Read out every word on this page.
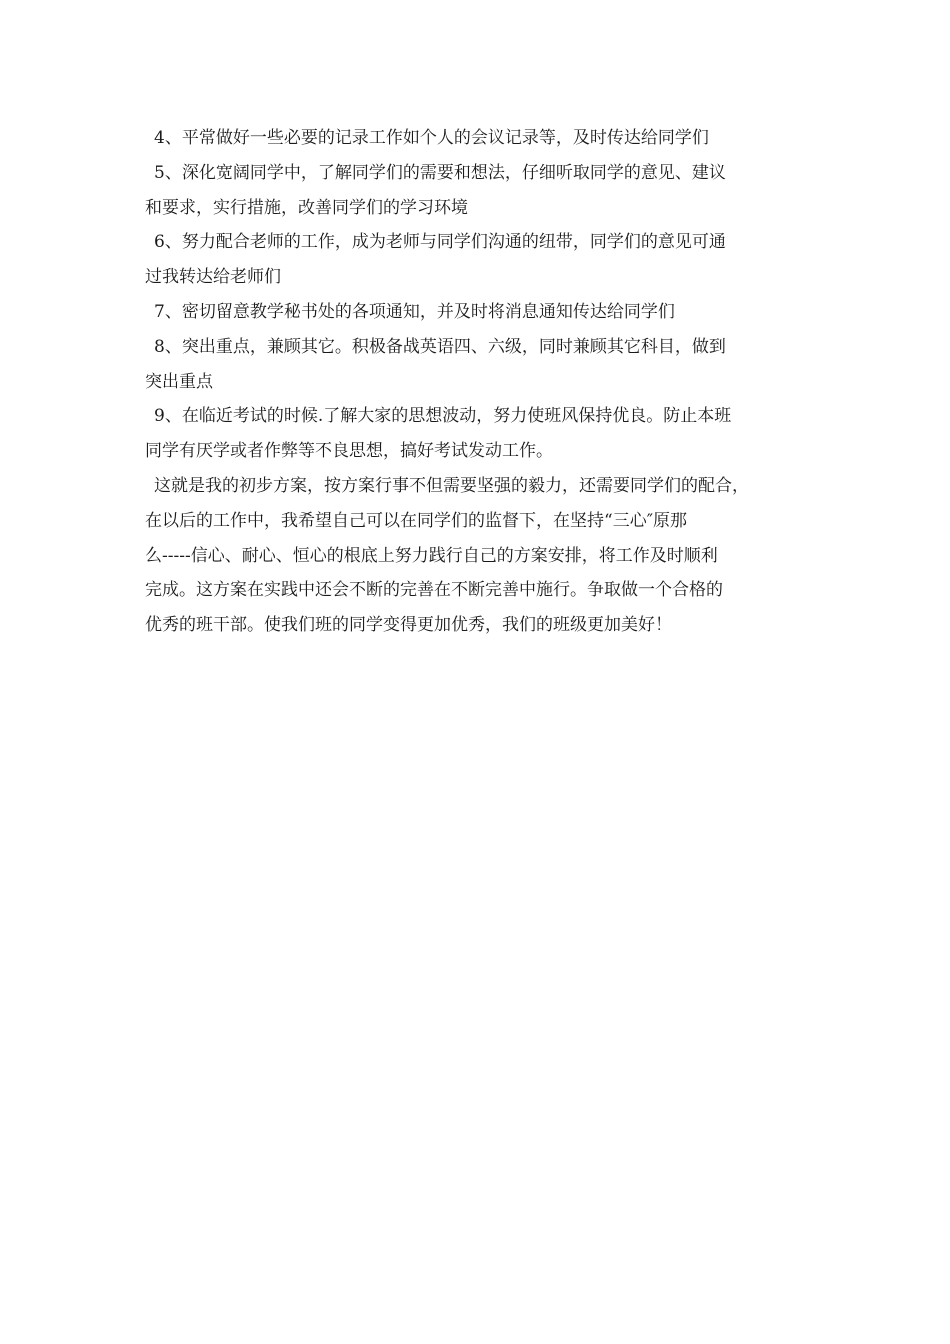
4、平常做好一些必要的记录工作如个人的会议记录等，及时传达给同学们
5、深化宽阔同学中，了解同学们的需要和想法，仔细听取同学的意见、建议
和要求，实行措施，改善同学们的学习环境
6、努力配合老师的工作，成为老师与同学们沟通的纽带，同学们的意见可通
过我转达给老师们
7、密切留意教学秘书处的各项通知，并及时将消息通知传达给同学们
8、突出重点，兼顾其它。积极备战英语四、六级，同时兼顾其它科目，做到
突出重点
9、在临近考试的时候.了解大家的思想波动，努力使班风保持优良。防止本班
同学有厌学或者作弊等不良思想，搞好考试发动工作。
这就是我的初步方案，按方案行事不但需要坚强的毅力，还需要同学们的配合，
在以后的工作中，我希望自己可以在同学们的监督下，在坚持“三心″原那
么-----信心、耐心、恒心的根底上努力践行自己的方案安排，将工作及时顺利
完成。这方案在实践中还会不断的完善在不断完善中施行。争取做一个合格的
优秀的班干部。使我们班的同学变得更加优秀，我们的班级更加美好！
